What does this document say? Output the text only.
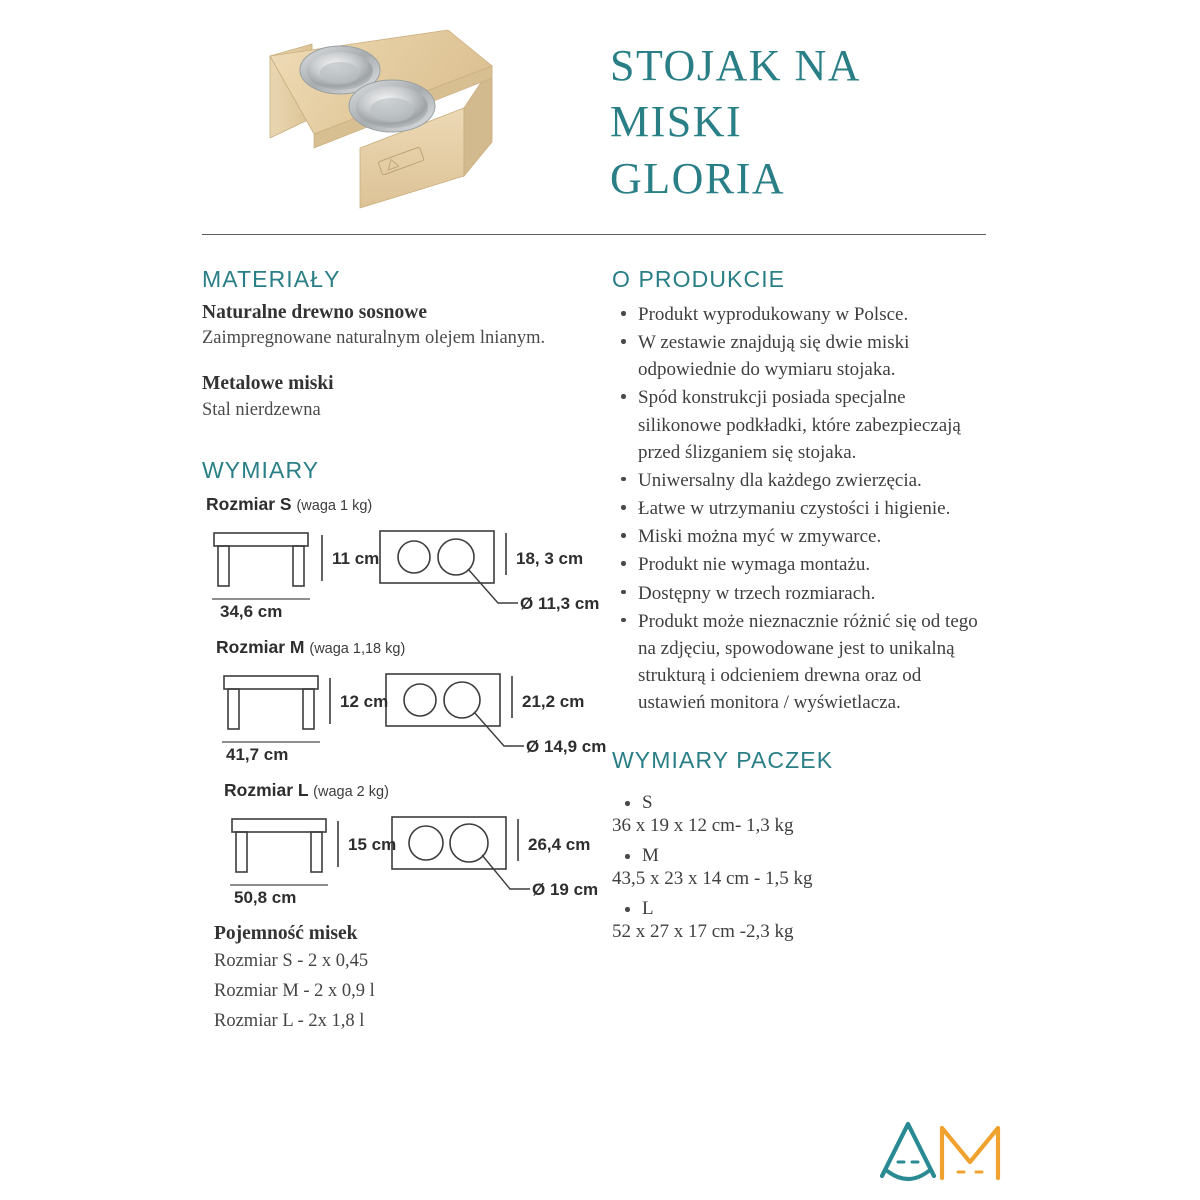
STOJAK NA
MISKI
GLORIA
MATERIAŁY

Naturalne drewno sosnowe

Zaimpregnowane naturalnym olejem lnianym.

Metalowe miski

Stal nierdzewna

WYMIARY

Rozmiar S (waga 1 kg)

34,6 cm
11 cm	18, 3 cm
Ø 11,3 cm

Rozmiar M (waga 1,18 kg)

41,7 cm
12 cm	21,2 cm
Ø 14,9 cm

Rozmiar L (waga 2 kg)

50,8 cm
15 cm	26,4 cm
Ø 19 cm

Pojemność misek

Rozmiar S - 2 x 0,45

Rozmiar M - 2 x 0,9 l

Rozmiar L - 2x 1,8 l

O PRODUKCIE
Produkt wyprodukowany w Polsce.
W zestawie znajdują się dwie miski odpowiednie do wymiaru stojaka.
Spód konstrukcji posiada specjalne silikonowe podkładki, które zabezpieczają przed ślizganiem się stojaka.
Uniwersalny dla każdego zwierzęcia.
Łatwe w utrzymaniu czystości i higienie.
Miski można myć w zmywarce.
Produkt nie wymaga montażu.
Dostępny w trzech rozmiarach.
Produkt może nieznacznie różnić się od tego na zdjęciu, spowodowane jest to unikalną strukturą i odcieniem drewna oraz od ustawień monitora / wyświetlacza.
WYMIARY PACZEK
S
36 x 19 x 12 cm- 1,3 kg
M
43,5 x 23 x 14 cm - 1,5 kg
L
52 x 27 x 17 cm -2,3 kg
